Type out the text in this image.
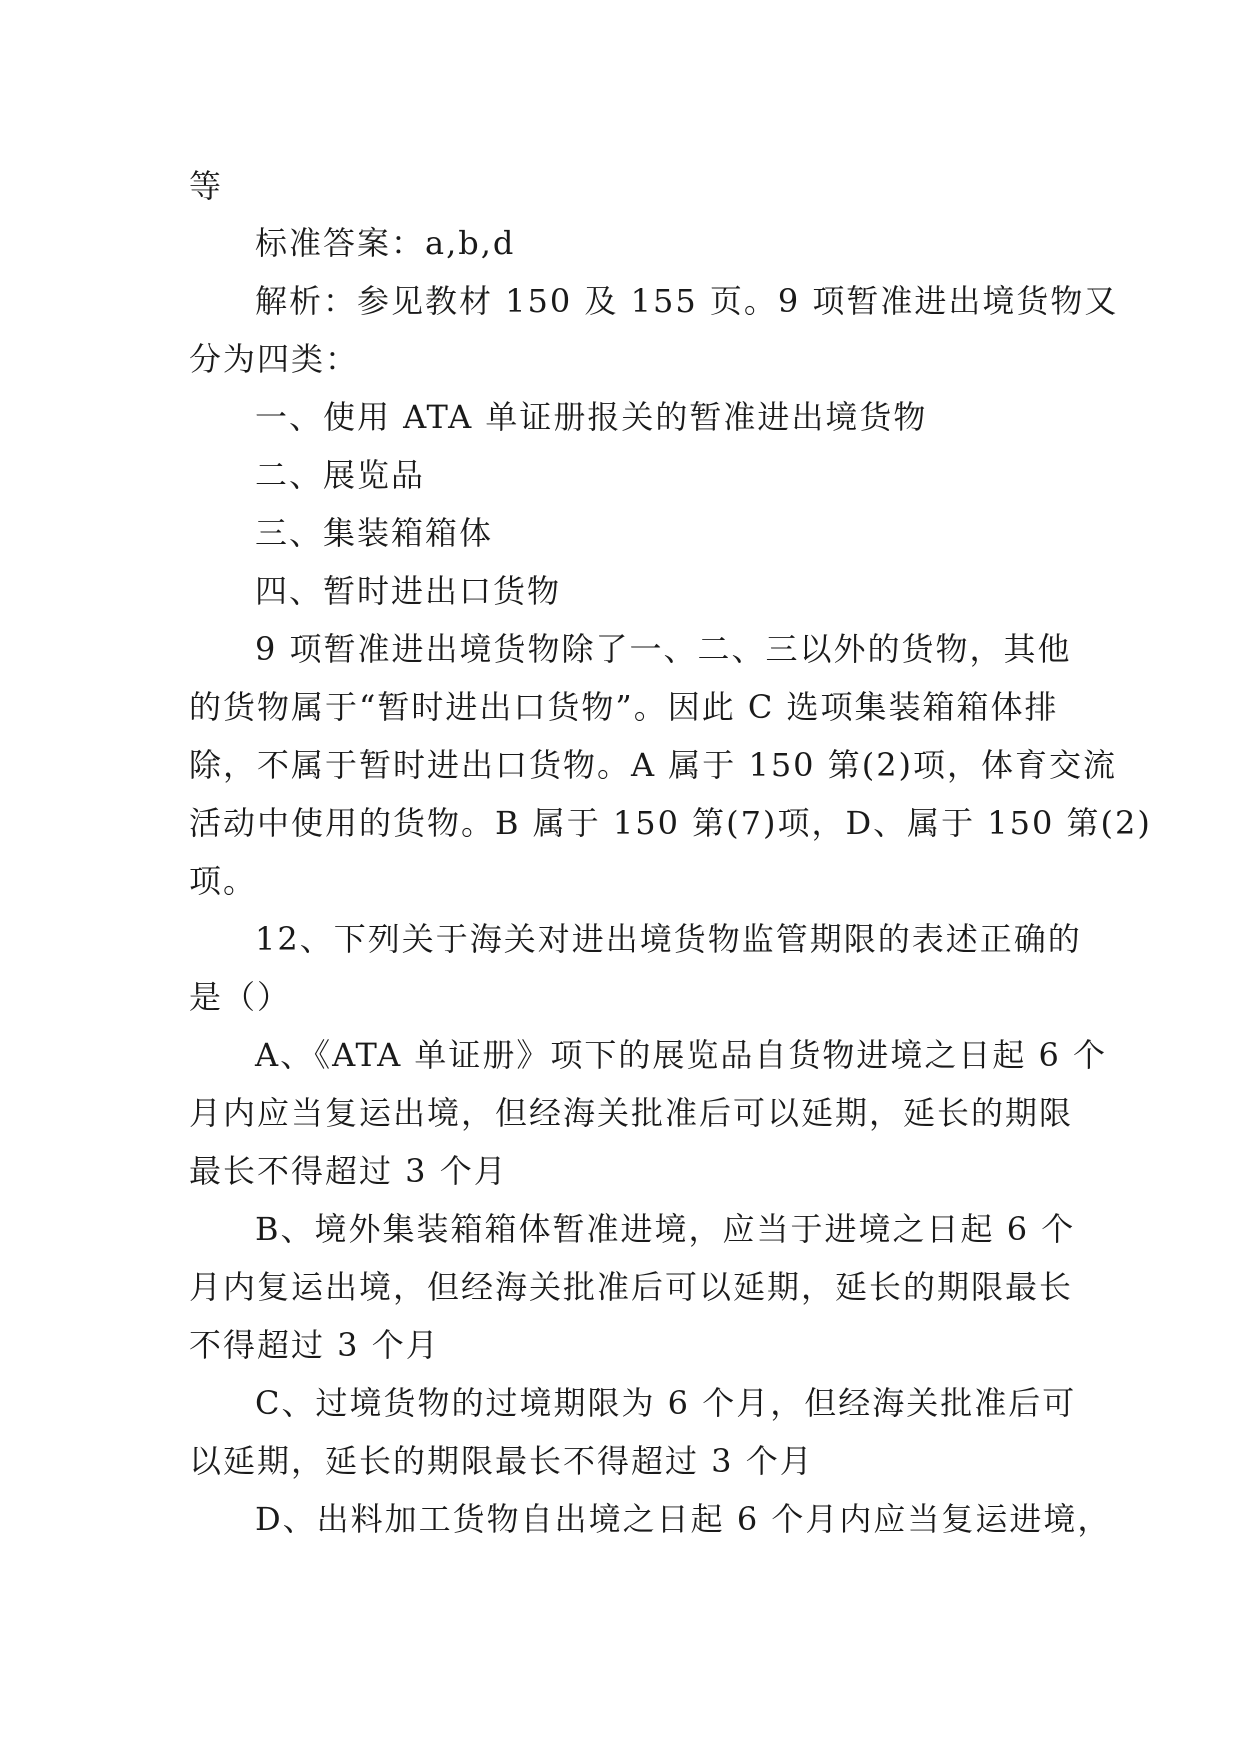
等
标准答案：a,b,d
解析：参见教材 150 及 155 页。9 项暂准进出境货物又
分为四类：
一、使用 ATA 单证册报关的暂准进出境货物
二、展览品
三、集装箱箱体
四、暂时进出口货物
9 项暂准进出境货物除了一、二、三以外的货物，其他
的货物属于“暂时进出口货物”。因此 C 选项集装箱箱体排
除，不属于暂时进出口货物。A 属于 150 第(2)项，体育交流
活动中使用的货物。B 属于 150 第(7)项，D、属于 150 第(2)
项。
12、下列关于海关对进出境货物监管期限的表述正确的
是（）
A、《ATA 单证册》项下的展览品自货物进境之日起 6 个
月内应当复运出境，但经海关批准后可以延期，延长的期限
最长不得超过 3 个月
B、境外集装箱箱体暂准进境，应当于进境之日起 6 个
月内复运出境，但经海关批准后可以延期，延长的期限最长
不得超过 3 个月
C、过境货物的过境期限为 6 个月，但经海关批准后可
以延期，延长的期限最长不得超过 3 个月
D、出料加工货物自出境之日起 6 个月内应当复运进境，
